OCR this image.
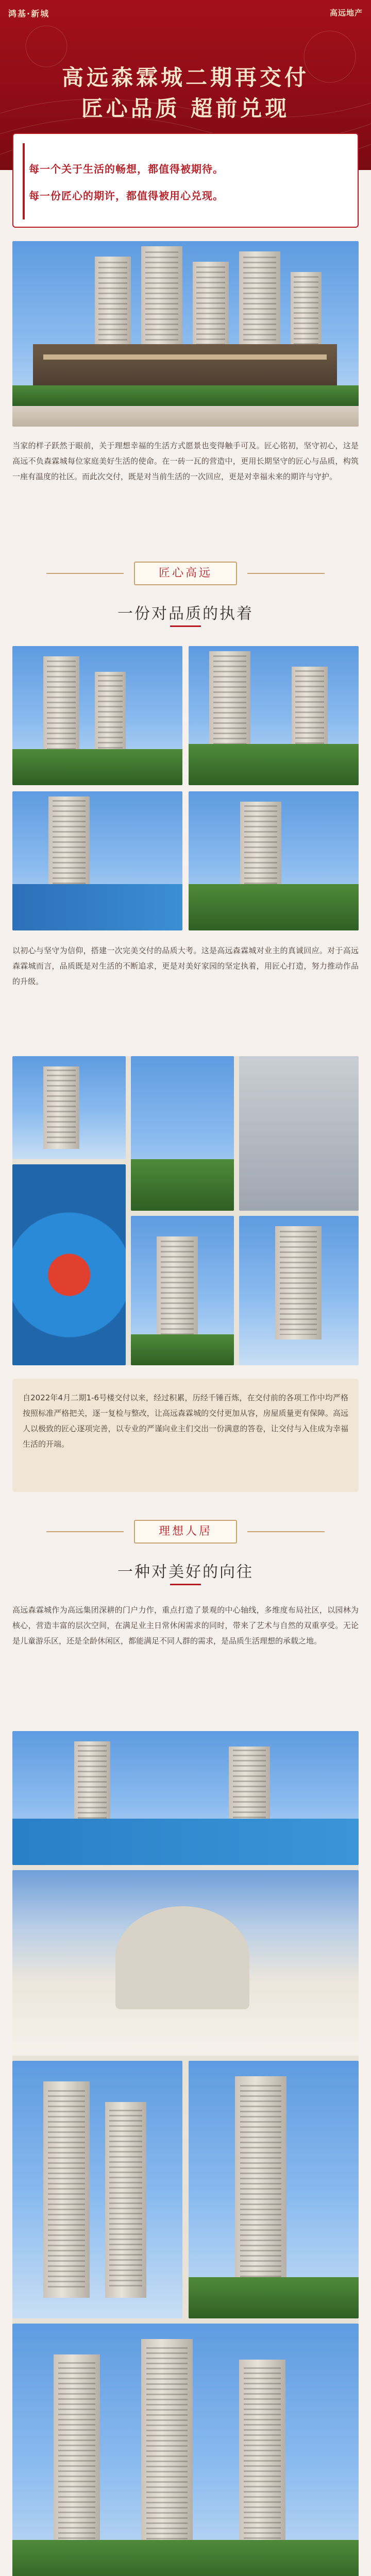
鸿基·新城	高远地产
高远森霖城二期再交付
匠心品质 超前兑现

每一个关于生活的畅想，都值得被期待。

每一份匠心的期许，都值得被用心兑现。

当家的样子跃然于眼前，关于理想幸福的生活方式愿景也变得触手可及。匠心铭初，坚守初心，这是高远不负森霖城每位家庭美好生活的使命。在一砖一瓦的营造中，更用长期坚守的匠心与品质，构筑一座有温度的社区。而此次交付，既是对当前生活的一次回应，更是对幸福未来的期许与守护。
匠心高远
一份对品质的执着
以初心与坚守为信仰，搭建一次完美交付的品质大考。这是高远森霖城对业主的真诚回应。对于高远森霖城而言，品质既是对生活的不断追求，更是对美好家园的坚定执着，用匠心打造，努力推动作品的升级。
自2022年4月二期1-6号楼交付以来，经过积累，历经千锤百炼，在交付前的各项工作中均严格按照标准严格把关，逐一复检与整改，让高远森霖城的交付更加从容，房屋质量更有保障。高远人以极致的匠心逐项完善，以专业的严谨向业主们交出一份满意的答卷，让交付与入住成为幸福生活的开端。
理想人居
一种对美好的向往
高远森霖城作为高远集团深耕的门户力作，重点打造了景观的中心轴线，多维度布局社区，以园林为核心，营造丰富的层次空间，在满足业主日常休闲需求的同时，带来了艺术与自然的双重享受。无论是儿童游乐区，还是全龄休闲区，都能满足不同人群的需求，是品质生活理想的承载之地。
